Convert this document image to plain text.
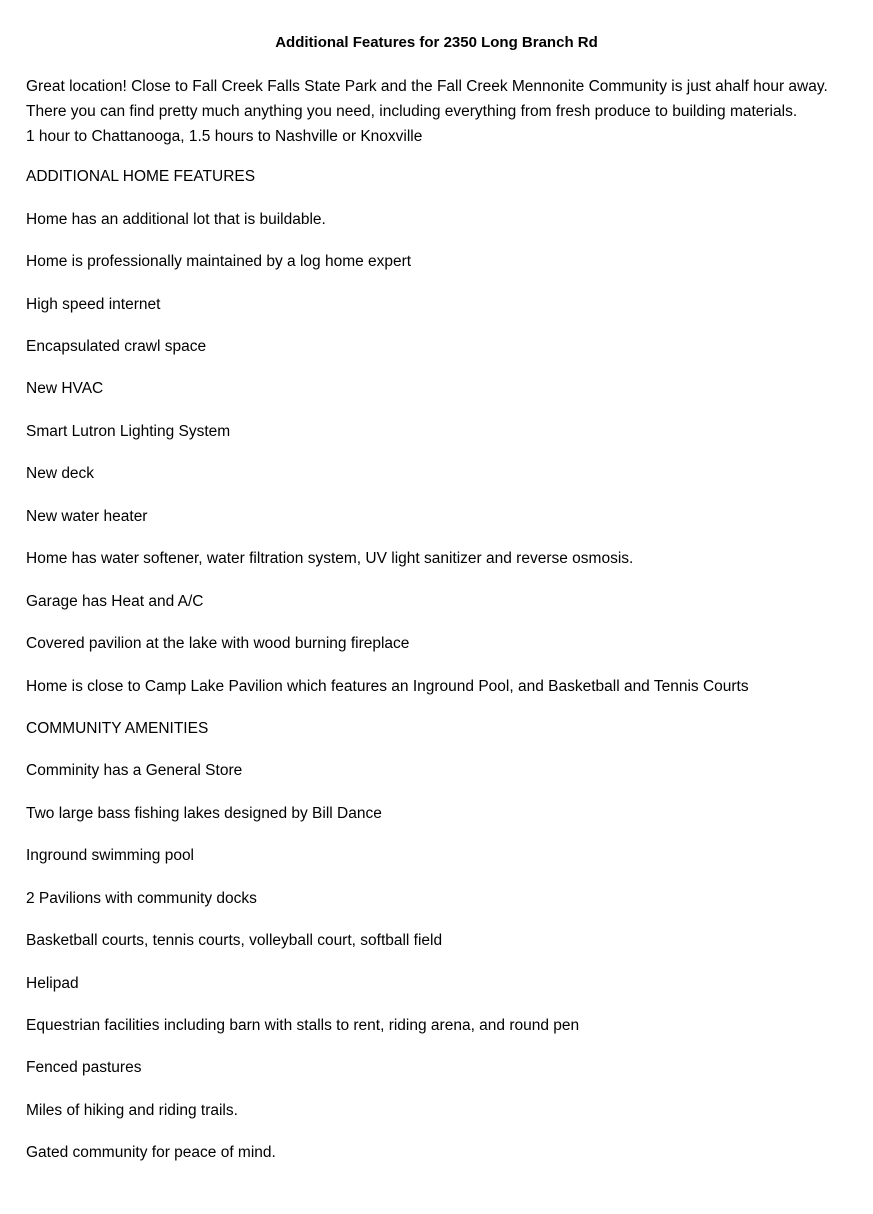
Additional Features for 2350 Long Branch Rd
Great location! Close to Fall Creek Falls State Park and the Fall Creek Mennonite Community is just ahalf hour away.
There you can find pretty much anything you need, including everything from fresh produce to building materials.
1 hour to Chattanooga, 1.5 hours to Nashville or Knoxville
ADDITIONAL HOME FEATURES
Home has an additional lot that is buildable.
Home is professionally maintained by a log home expert
High speed internet
Encapsulated crawl space
New HVAC
Smart Lutron Lighting System
New deck
New water heater
Home has water softener, water filtration system, UV light sanitizer and reverse osmosis.
Garage has Heat and A/C
Covered pavilion at the lake with wood burning fireplace
Home is close to Camp Lake Pavilion which features an Inground Pool, and Basketball and Tennis Courts
COMMUNITY AMENITIES
Comminity has a General Store
Two large bass fishing lakes designed by Bill Dance
Inground swimming pool
2 Pavilions with community docks
Basketball courts, tennis courts, volleyball court, softball field
Helipad
Equestrian facilities including barn with stalls to rent, riding arena, and round pen
Fenced pastures
Miles of hiking and riding trails.
Gated community for peace of mind.
